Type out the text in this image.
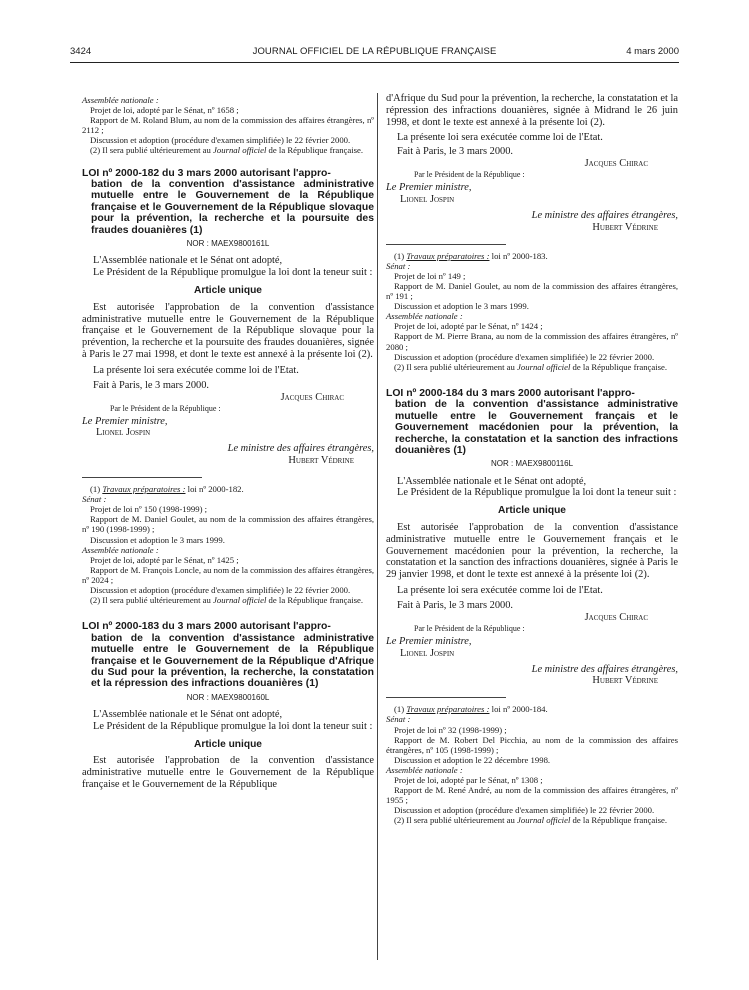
3424	JOURNAL OFFICIEL DE LA RÉPUBLIQUE FRANÇAISE	4 mars 2000

Assemblée nationale :

Projet de loi, adopté par le Sénat, nº 1658 ;

Rapport de M. Roland Blum, au nom de la commission des affaires étrangères, nº 2112 ;

Discussion et adoption (procédure d'examen simplifiée) le 22 février 2000.

(2) Il sera publié ultérieurement au Journal officiel de la République française.

LOI nº 2000-182 du 3 mars 2000 autorisant l'appro-
bation de la convention d'assistance administrative mutuelle entre le Gouvernement de la République française et le Gouvernement de la République slovaque pour la prévention, la recherche et la poursuite des fraudes douanières (1)
NOR : MAEX9800161L

L'Assemblée nationale et le Sénat ont adopté,

Le Président de la République promulgue la loi dont la teneur suit :

Article unique

Est autorisée l'approbation de la convention d'assistance administrative mutuelle entre le Gouvernement de la République française et le Gouvernement de la République slovaque pour la prévention, la recherche et la poursuite des fraudes douanières, signée à Paris le 27 mai 1998, et dont le texte est annexé à la présente loi (2).

La présente loi sera exécutée comme loi de l'Etat.

Fait à Paris, le 3 mars 2000.

Jacques Chirac
Par le Président de la République :
Le Premier ministre,
Lionel Jospin
Le ministre des affaires étrangères,
Hubert Védrine

(1) Travaux préparatoires : loi nº 2000-182.

Sénat :

Projet de loi nº 150 (1998-1999) ;

Rapport de M. Daniel Goulet, au nom de la commission des affaires étrangères, nº 190 (1998-1999) ;

Discussion et adoption le 3 mars 1999.

Assemblée nationale :

Projet de loi, adopté par le Sénat, nº 1425 ;

Rapport de M. François Loncle, au nom de la commission des affaires étrangères, nº 2024 ;

Discussion et adoption (procédure d'examen simplifiée) le 22 février 2000.

(2) Il sera publié ultérieurement au Journal officiel de la République française.

LOI nº 2000-183 du 3 mars 2000 autorisant l'appro-
bation de la convention d'assistance administrative mutuelle entre le Gouvernement de la République française et le Gouvernement de la République d'Afrique du Sud pour la prévention, la recherche, la constatation et la répression des infractions douanières (1)
NOR : MAEX9800160L

L'Assemblée nationale et le Sénat ont adopté,

Le Président de la République promulgue la loi dont la teneur suit :

Article unique

Est autorisée l'approbation de la convention d'assistance administrative mutuelle entre le Gouvernement de la République française et le Gouvernement de la République

d'Afrique du Sud pour la prévention, la recherche, la constatation et la répression des infractions douanières, signée à Midrand le 26 juin 1998, et dont le texte est annexé à la présente loi (2).

La présente loi sera exécutée comme loi de l'Etat.

Fait à Paris, le 3 mars 2000.

Jacques Chirac
Par le Président de la République :
Le Premier ministre,
Lionel Jospin
Le ministre des affaires étrangères,
Hubert Védrine

(1) Travaux préparatoires : loi nº 2000-183.

Sénat :

Projet de loi nº 149 ;

Rapport de M. Daniel Goulet, au nom de la commission des affaires étrangères, nº 191 ;

Discussion et adoption le 3 mars 1999.

Assemblée nationale :

Projet de loi, adopté par le Sénat, nº 1424 ;

Rapport de M. Pierre Brana, au nom de la commission des affaires étrangères, nº 2080 ;

Discussion et adoption (procédure d'examen simplifiée) le 22 février 2000.

(2) Il sera publié ultérieurement au Journal officiel de la République française.

LOI nº 2000-184 du 3 mars 2000 autorisant l'appro-
bation de la convention d'assistance administrative mutuelle entre le Gouvernement français et le Gouvernement macédonien pour la prévention, la recherche, la constatation et la sanction des infractions douanières (1)
NOR : MAEX9800116L

L'Assemblée nationale et le Sénat ont adopté,

Le Président de la République promulgue la loi dont la teneur suit :

Article unique

Est autorisée l'approbation de la convention d'assistance administrative mutuelle entre le Gouvernement français et le Gouvernement macédonien pour la prévention, la recherche, la constatation et la sanction des infractions douanières, signée à Paris le 29 janvier 1998, et dont le texte est annexé à la présente loi (2).

La présente loi sera exécutée comme loi de l'Etat.

Fait à Paris, le 3 mars 2000.

Jacques Chirac
Par le Président de la République :
Le Premier ministre,
Lionel Jospin
Le ministre des affaires étrangères,
Hubert Védrine

(1) Travaux préparatoires : loi nº 2000-184.

Sénat :

Projet de loi nº 32 (1998-1999) ;

Rapport de M. Robert Del Picchia, au nom de la commission des affaires étrangères, nº 105 (1998-1999) ;

Discussion et adoption le 22 décembre 1998.

Assemblée nationale :

Projet de loi, adopté par le Sénat, nº 1308 ;

Rapport de M. René André, au nom de la commission des affaires étrangères, nº 1955 ;

Discussion et adoption (procédure d'examen simplifiée) le 22 février 2000.

(2) Il sera publié ultérieurement au Journal officiel de la République française.
